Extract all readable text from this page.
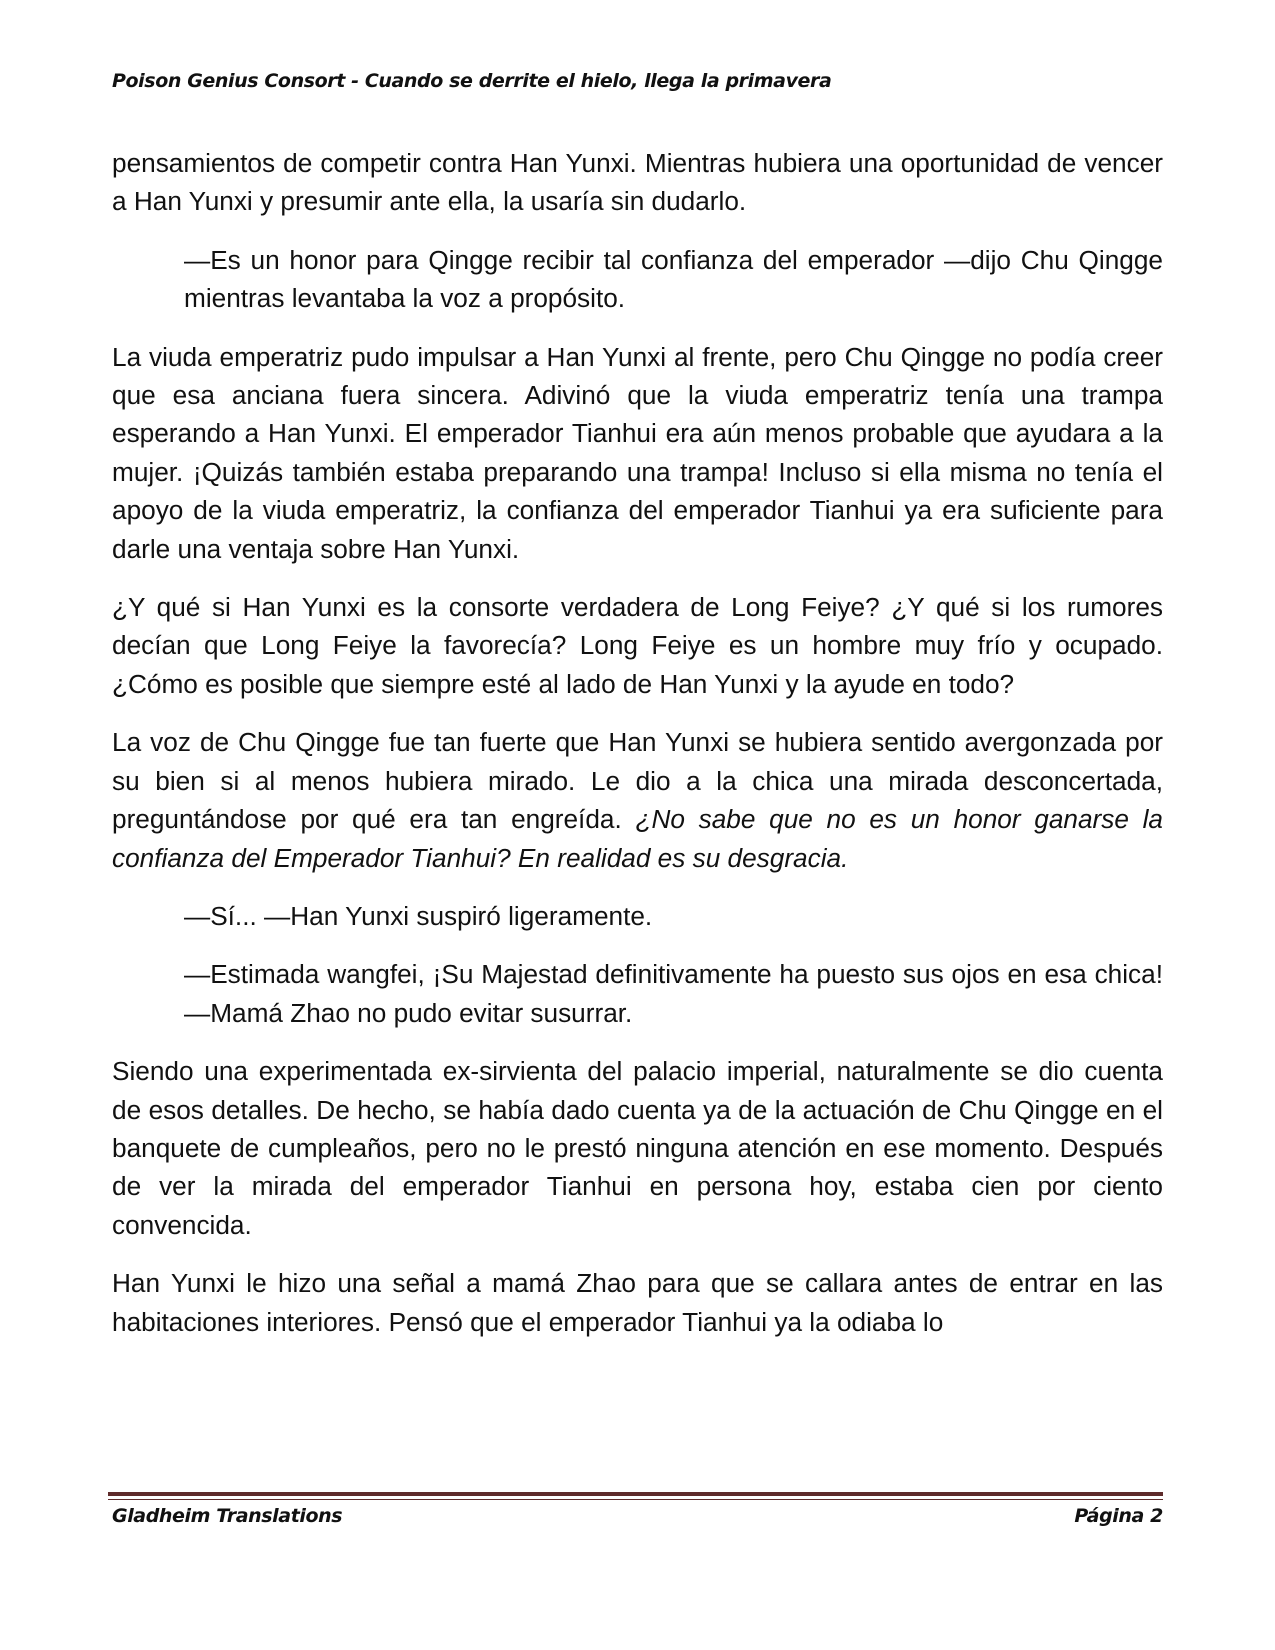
Poison Genius Consort - Cuando se derrite el hielo, llega la primavera

pensamientos de competir contra Han Yunxi. Mientras hubiera una oportunidad de vencer a Han Yunxi y presumir ante ella, la usaría sin dudarlo.

—Es un honor para Qingge recibir tal confianza del emperador —dijo Chu Qingge mientras levantaba la voz a propósito.

La viuda emperatriz pudo impulsar a Han Yunxi al frente, pero Chu Qingge no podía creer que esa anciana fuera sincera. Adivinó que la viuda emperatriz tenía una trampa esperando a Han Yunxi. El emperador Tianhui era aún menos probable que ayudara a la mujer. ¡Quizás también estaba preparando una trampa! Incluso si ella misma no tenía el apoyo de la viuda emperatriz, la confianza del emperador Tianhui ya era suficiente para darle una ventaja sobre Han Yunxi.

¿Y qué si Han Yunxi es la consorte verdadera de Long Feiye? ¿Y qué si los rumores decían que Long Feiye la favorecía? Long Feiye es un hombre muy frío y ocupado. ¿Cómo es posible que siempre esté al lado de Han Yunxi y la ayude en todo?

La voz de Chu Qingge fue tan fuerte que Han Yunxi se hubiera sentido avergonzada por su bien si al menos hubiera mirado. Le dio a la chica una mirada desconcertada, preguntándose por qué era tan engreída. ¿No sabe que no es un honor ganarse la confianza del Emperador Tianhui? En realidad es su desgracia.

—Sí... —Han Yunxi suspiró ligeramente.

—Estimada wangfei, ¡Su Majestad definitivamente ha puesto sus ojos en esa chica! —Mamá Zhao no pudo evitar susurrar.

Siendo una experimentada ex-sirvienta del palacio imperial, naturalmente se dio cuenta de esos detalles. De hecho, se había dado cuenta ya de la actuación de Chu Qingge en el banquete de cumpleaños, pero no le prestó ninguna atención en ese momento. Después de ver la mirada del emperador Tianhui en persona hoy, estaba cien por ciento convencida.

Han Yunxi le hizo una señal a mamá Zhao para que se callara antes de entrar en las habitaciones interiores. Pensó que el emperador Tianhui ya la odiaba lo

Gladheim Translations	Página 2
